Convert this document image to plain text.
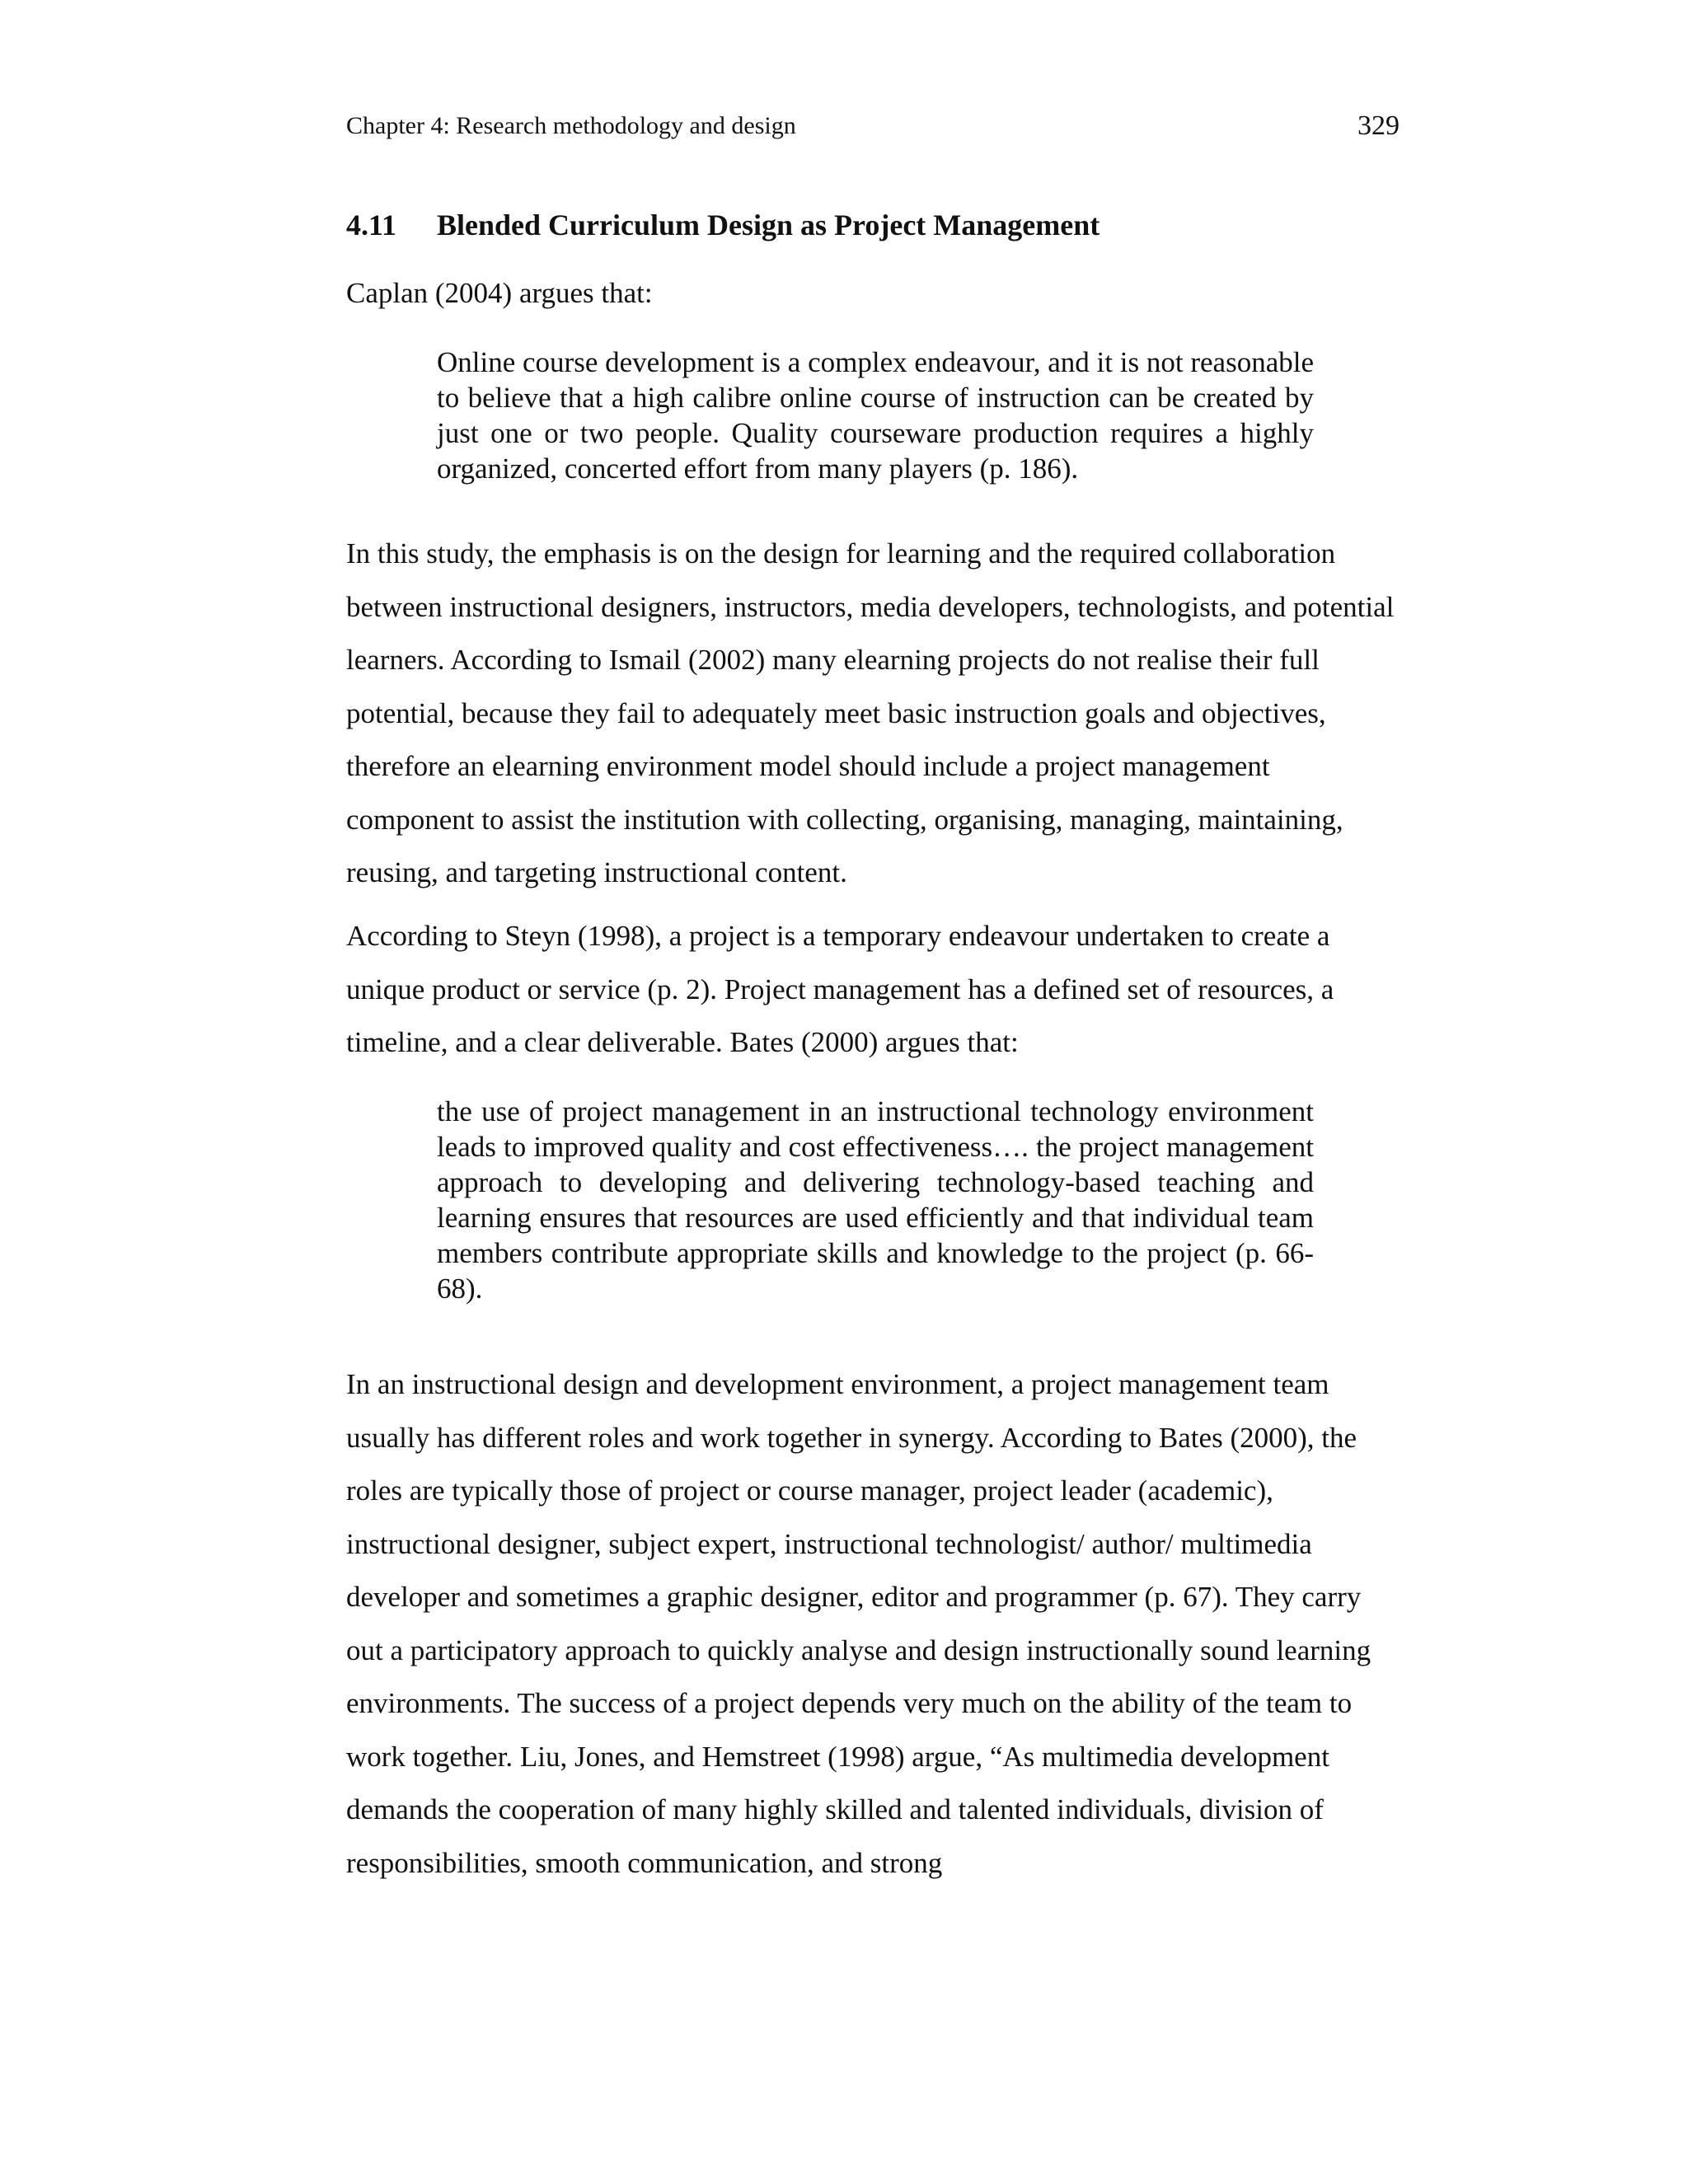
Chapter 4: Research methodology and design	329
4.11 Blended Curriculum Design as Project Management
Caplan (2004) argues that:
Online course development is a complex endeavour, and it is not reasonable to believe that a high calibre online course of instruction can be created by just one or two people. Quality courseware production requires a highly organized, concerted effort from many players (p. 186).
In this study, the emphasis is on the design for learning and the required collaboration between instructional designers, instructors, media developers, technologists, and potential learners. According to Ismail (2002) many elearning projects do not realise their full potential, because they fail to adequately meet basic instruction goals and objectives, therefore an elearning environment model should include a project management component to assist the institution with collecting, organising, managing, maintaining, reusing, and targeting instructional content.
According to Steyn (1998), a project is a temporary endeavour undertaken to create a unique product or service (p. 2). Project management has a defined set of resources, a timeline, and a clear deliverable. Bates (2000) argues that:
the use of project management in an instructional technology environment leads to improved quality and cost effectiveness…. the project management approach to developing and delivering technology-based teaching and learning ensures that resources are used efficiently and that individual team members contribute appropriate skills and knowledge to the project (p. 66-68).
In an instructional design and development environment, a project management team usually has different roles and work together in synergy. According to Bates (2000), the roles are typically those of project or course manager, project leader (academic), instructional designer, subject expert, instructional technologist/ author/ multimedia developer and sometimes a graphic designer, editor and programmer (p. 67). They carry out a participatory approach to quickly analyse and design instructionally sound learning environments. The success of a project depends very much on the ability of the team to work together. Liu, Jones, and Hemstreet (1998) argue, “As multimedia development demands the cooperation of many highly skilled and talented individuals, division of responsibilities, smooth communication, and strong
